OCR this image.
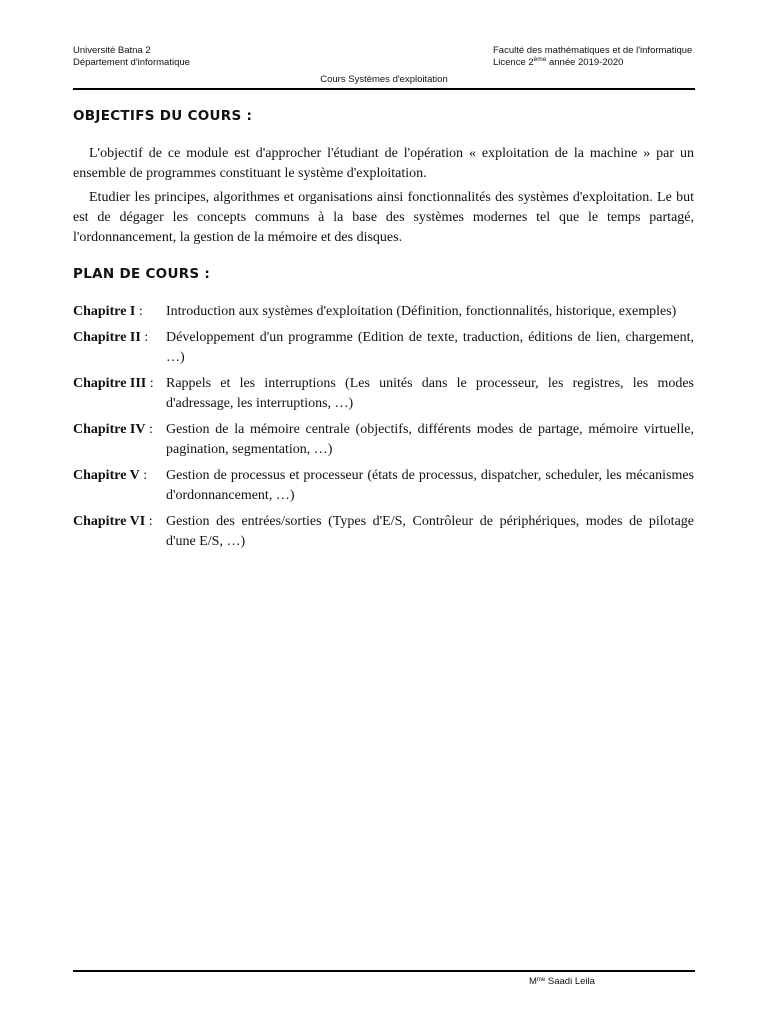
Université Batna 2
Département d'informatique
Faculté des mathématiques et de l'informatique
Licence 2ème année 2019-2020
Cours Systèmes d'exploitation
OBJECTIFS DU COURS :

L'objectif de ce module est d'approcher l'étudiant de l'opération « exploitation de la machine » par un ensemble de programmes constituant le système d'exploitation.

Etudier les principes, algorithmes et organisations ainsi fonctionnalités des systèmes d'exploitation. Le but est de dégager les concepts communs à la base des systèmes modernes tel que le temps partagé, l'ordonnancement, la gestion de la mémoire et des disques.

PLAN DE COURS :
Chapitre I :	Introduction aux systèmes d'exploitation (Définition, fonctionnalités, historique, exemples)
Chapitre II :	Développement d'un programme (Edition de texte, traduction, éditions de lien, chargement, …)
Chapitre III : Rappels et les interruptions (Les unités dans le processeur, les registres, les modes d'adressage, les interruptions, …)
Chapitre IV : Gestion de la mémoire centrale (objectifs, différents modes de partage, mémoire virtuelle, pagination, segmentation, …)
Chapitre V :	Gestion de processus et processeur (états de processus, dispatcher, scheduler, les mécanismes d'ordonnancement, …)
Chapitre VI : Gestion des entrées/sorties (Types d'E/S, Contrôleur de périphériques, modes de pilotage d'une E/S, …)
$M^{me}$ Saadi Leila
